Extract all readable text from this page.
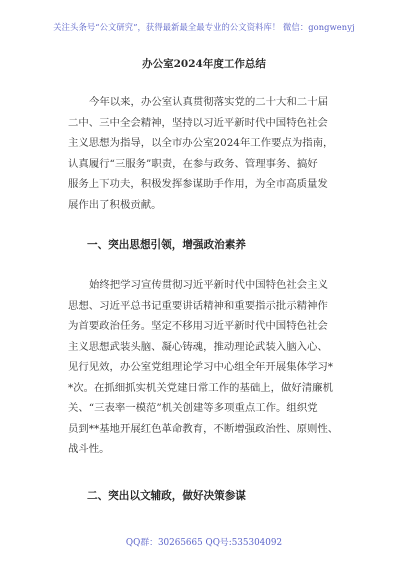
关注头条号“公文研究”，获得最新最全最专业的公文资料库！ 微信：gongwenyj
办公室2024年度工作总结
今年以来，办公室认真贯彻落实党的二十大和二十届
二中、三中全会精神，坚持以习近平新时代中国特色社会
主义思想为指导，以全市办公室2024年工作要点为指南，
认真履行“三服务”职责，在参与政务、管理事务、搞好
服务上下功夫，积极发挥参谋助手作用，为全市高质量发
展作出了积极贡献。
一、突出思想引领，增强政治素养
始终把学习宣传贯彻习近平新时代中国特色社会主义
思想、习近平总书记重要讲话精神和重要指示批示精神作
为首要政治任务。坚定不移用习近平新时代中国特色社会
主义思想武装头脑、凝心铸魂，推动理论武装入脑入心、
见行见效，办公室党组理论学习中心组全年开展集体学习*
*次。在抓细抓实机关党建日常工作的基础上，做好清廉机
关、“三表率一模范”机关创建等多项重点工作。组织党
员到**基地开展红色革命教育，不断增强政治性、原则性、
战斗性。
二、突出以文辅政，做好决策参谋
QQ群：30265665 QQ号:535304092
